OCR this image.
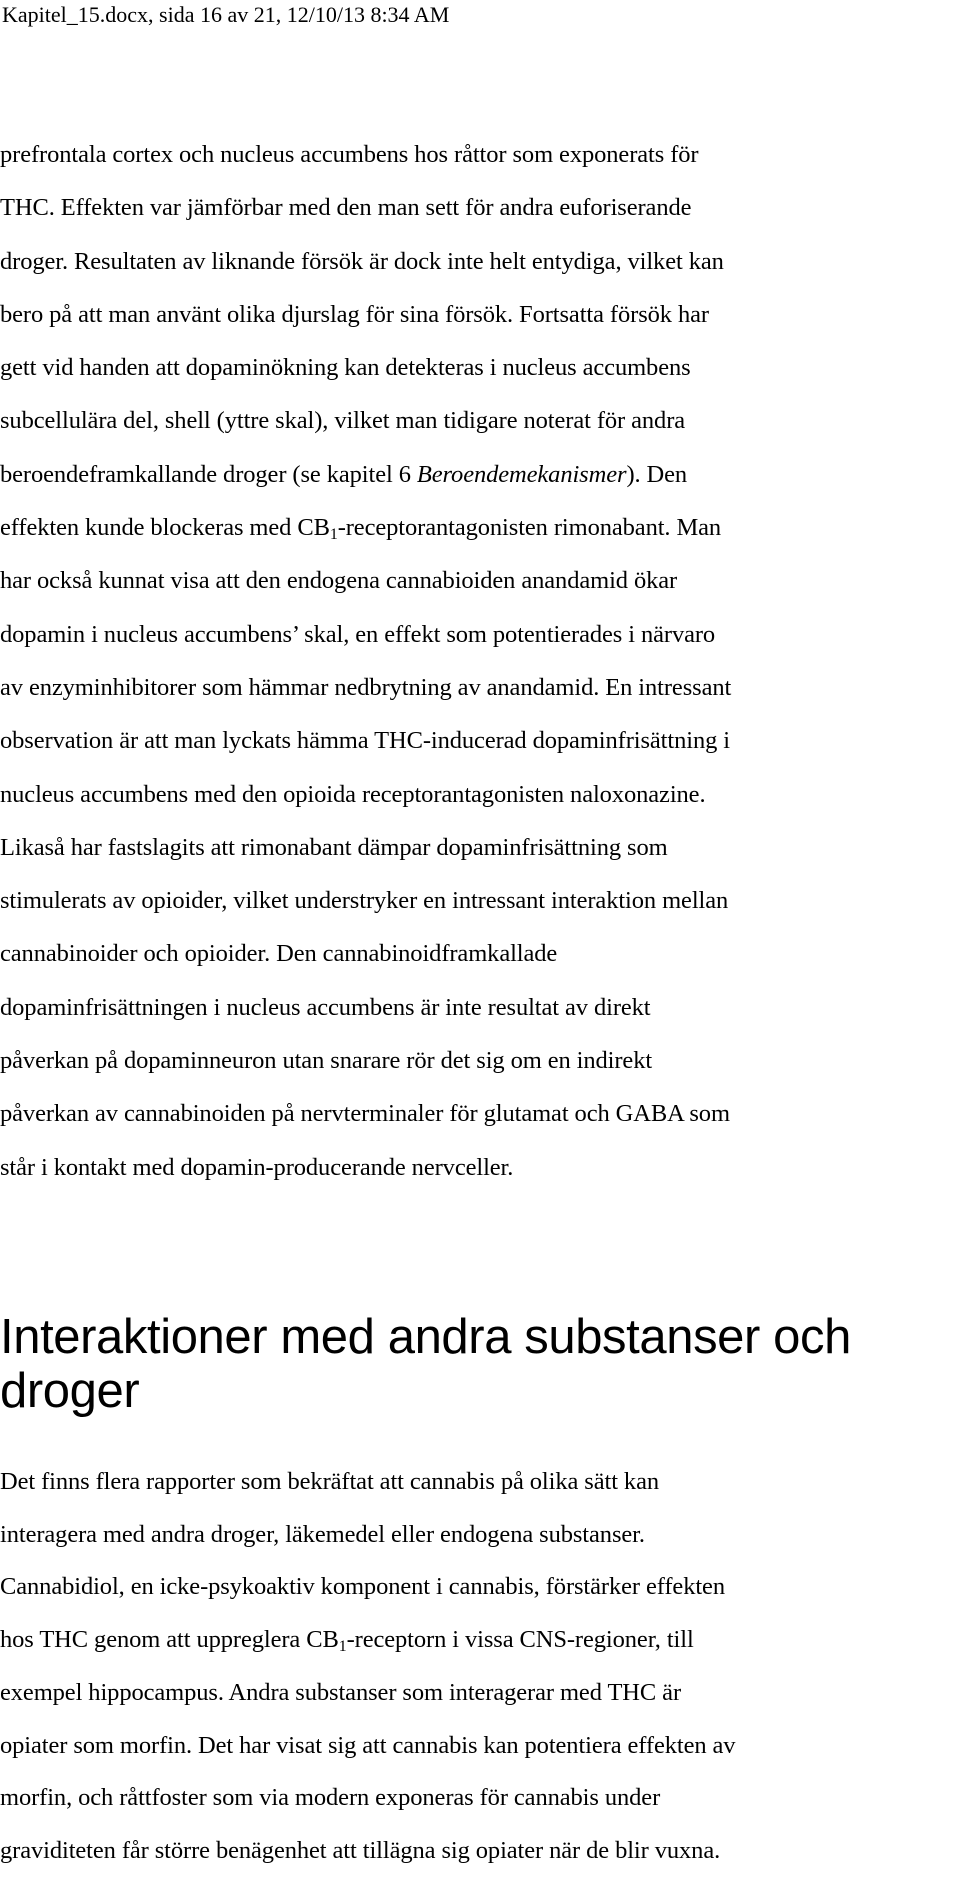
Kapitel_15.docx, sida 16 av 21, 12/10/13 8:34 AM
prefrontala cortex och nucleus accumbens hos råttor som exponerats för
THC. Effekten var jämförbar med den man sett för andra euforiserande
droger. Resultaten av liknande försök är dock inte helt entydiga, vilket kan
bero på att man använt olika djurslag för sina försök. Fortsatta försök har
gett vid handen att dopaminökning kan detekteras i nucleus accumbens
subcellulära del, shell (yttre skal), vilket man tidigare noterat för andra
beroendeframkallande droger (se kapitel 6 Beroendemekanismer). Den
effekten kunde blockeras med $CB_1$-receptorantagonisten rimonabant. Man
har också kunnat visa att den endogena cannabioiden anandamid ökar
dopamin i nucleus accumbens’ skal, en effekt som potentierades i närvaro
av enzyminhibitorer som hämmar nedbrytning av anandamid. En intressant
observation är att man lyckats hämma THC-inducerad dopaminfrisättning i
nucleus accumbens med den opioida receptorantagonisten naloxonazine.
Likaså har fastslagits att rimonabant dämpar dopaminfrisättning som
stimulerats av opioider, vilket understryker en intressant interaktion mellan
cannabinoider och opioider. Den cannabinoidframkallade
dopaminfrisättningen i nucleus accumbens är inte resultat av direkt
påverkan på dopaminneuron utan snarare rör det sig om en indirekt
påverkan av cannabinoiden på nervterminaler för glutamat och GABA som
står i kontakt med dopamin-producerande nervceller.
Interaktioner med andra substanser och
droger
Det finns flera rapporter som bekräftat att cannabis på olika sätt kan
interagera med andra droger, läkemedel eller endogena substanser.
Cannabidiol, en icke-psykoaktiv komponent i cannabis, förstärker effekten
hos THC genom att uppreglera $CB_1$-receptorn i vissa CNS-regioner, till
exempel hippocampus. Andra substanser som interagerar med THC är
opiater som morfin. Det har visat sig att cannabis kan potentiera effekten av
morfin, och råttfoster som via modern exponeras för cannabis under
graviditeten får större benägenhet att tillägna sig opiater när de blir vuxna.
